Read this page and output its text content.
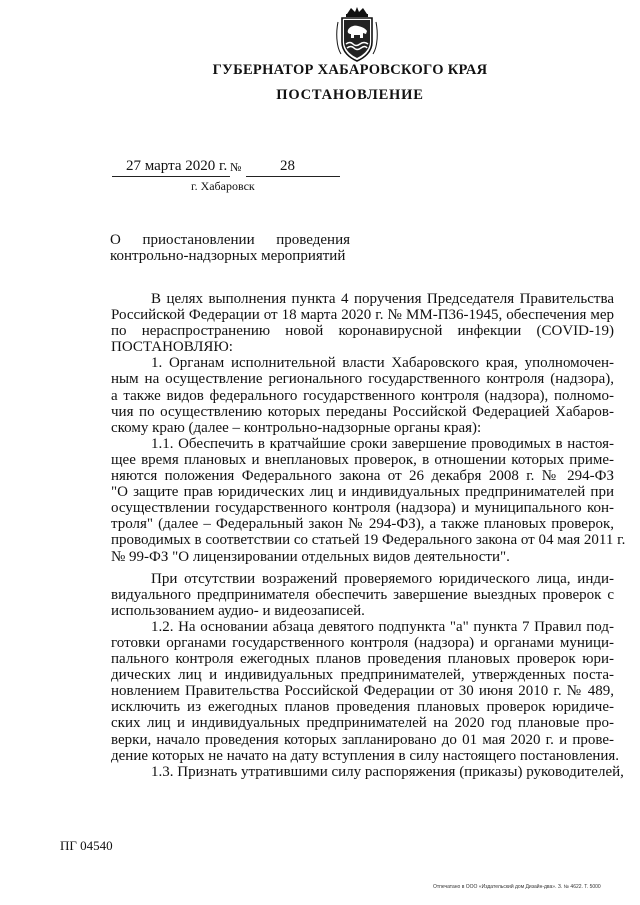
ГУБЕРНАТОР ХАБАРОВСКОГО КРАЯ
ПОСТАНОВЛЕНИЕ
27 марта 2020 г. №	28
г. Хабаровск
О приостановлении проведения
контрольно-надзорных мероприятий
В целях выполнения пункта 4 поручения Председателя Правительства
Российской Федерации от 18 марта 2020 г. № ММ-П36-1945, обеспечения мер
по нераспространению новой коронавирусной инфекции (COVID-19)
ПОСТАНОВЛЯЮ:
1. Органам исполнительной власти Хабаровского края, уполномочен-
ным на осуществление регионального государственного контроля (надзора),
а также видов федерального государственного контроля (надзора), полномо-
чия по осуществлению которых переданы Российской Федерацией Хабаров-
скому краю (далее – контрольно-надзорные органы края):
1.1. Обеспечить в кратчайшие сроки завершение проводимых в настоя-
щее время плановых и внеплановых проверок, в отношении которых приме-
няются положения Федерального закона от 26 декабря 2008 г. № 294-ФЗ
"О защите прав юридических лиц и индивидуальных предпринимателей при
осуществлении государственного контроля (надзора) и муниципального кон-
троля" (далее – Федеральный закон № 294-ФЗ), а также плановых проверок,
проводимых в соответствии со статьей 19 Федерального закона от 04 мая 2011 г.
№ 99-ФЗ "О лицензировании отдельных видов деятельности".
При отсутствии возражений проверяемого юридического лица, инди-
видуального предпринимателя обеспечить завершение выездных проверок с
использованием аудио- и видеозаписей.
1.2. На основании абзаца девятого подпункта "а" пункта 7 Правил под-
готовки органами государственного контроля (надзора) и органами муници-
пального контроля ежегодных планов проведения плановых проверок юри-
дических лиц и индивидуальных предпринимателей, утвержденных поста-
новлением Правительства Российской Федерации от 30 июня 2010 г. № 489,
исключить из ежегодных планов проведения плановых проверок юридиче-
ских лиц и индивидуальных предпринимателей на 2020 год плановые про-
верки, начало проведения которых запланировано до 01 мая 2020 г. и прове-
дение которых не начато на дату вступления в силу настоящего постановления.
1.3. Признать утратившими силу распоряжения (приказы) руководителей,
ПГ 04540
Отпечатано в ООО «Издательский дом Дизайн-два». З. № 4622. Т. 5000
